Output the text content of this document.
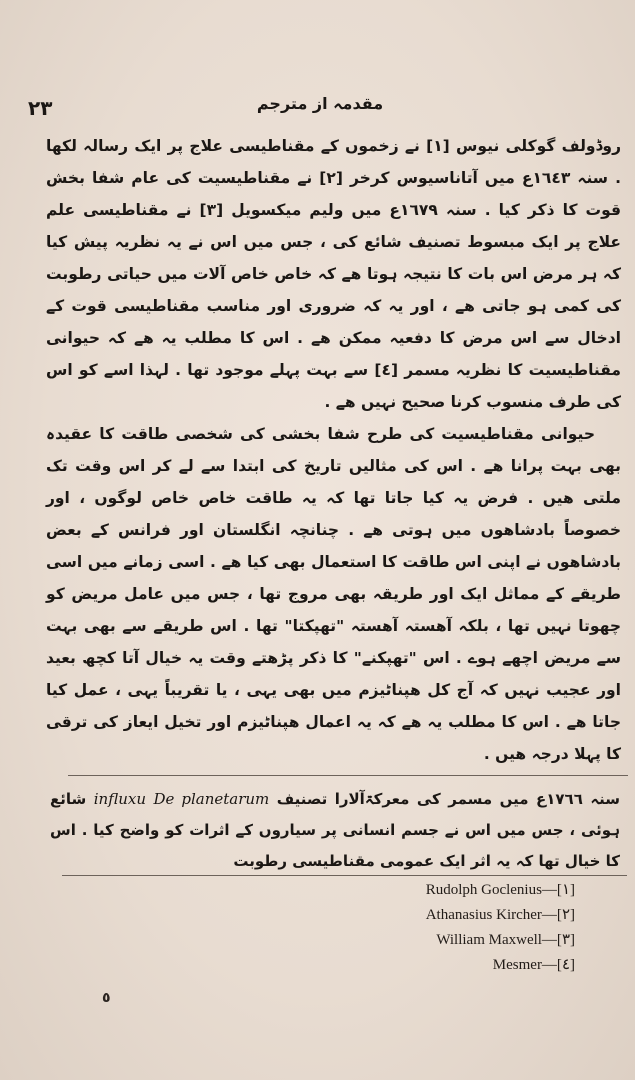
٢٣	مقدمہ از مترجم

روڈولف گوکلی نیوس [١] نے زخموں کے مقناطیسی علاج پر ایک رسالہ لکھا . سنہ ١٦٤٣ع میں آتاناسیوس کرخر [٢] نے مقناطیسیت کی عام شفا بخش قوت کا ذکر کیا . سنہ ١٦٧٩ع میں ولیم میکسویل [٣] نے مقناطیسی علم علاج پر ایک مبسوط تصنیف شائع کی ، جس میں اس نے یہ نظریہ پیش کیا کہ ہر مرض اس بات کا نتیجہ ہوتا ھے کہ خاص خاص آلات میں حیاتی رطوبت کی کمی ہو جاتی ھے ، اور یہ کہ ضروری اور مناسب مقناطیسی قوت کے ادخال سے اس مرض کا دفعیہ ممکن ھے . اس کا مطلب یہ ھے کہ حیوانی مقناطیسیت کا نظریہ مسمر [٤] سے بہت پہلے موجود تھا . لہذا اسے کو اس کی طرف منسوب کرنا صحیح نہیں ھے .

حیوانی مقناطیسیت کی طرح شفا بخشی کی شخصی طاقت کا عقیدہ بھی بہت پرانا ھے . اس کی مثالیں تاریخ کی ابتدا سے لے کر اس وقت تک ملتی ھیں . فرض یہ کیا جاتا تھا کہ یہ طاقت خاص خاص لوگوں ، اور خصوصاً بادشاھوں میں ہوتی ھے . چنانچہ انگلستان اور فرانس کے بعض بادشاھوں نے اپنی اس طاقت کا استعمال بھی کیا ھے . اسی زمانے میں اسی طریقے کے مماثل ایک اور طریقہ بھی مروج تھا ، جس میں عامل مریض کو چھوتا نہیں تھا ، بلکہ آھستہ آھستہ "تھپکتا" تھا . اس طریقے سے بھی بہت سے مریض اچھے ہوے . اس "تھپکنے" کا ذکر پڑھتے وقت یہ خیال آتا کچھ بعید اور عجیب نہیں کہ آج کل ھپناٹیزم میں بھی یہی ، یا تقریباً یہی ، عمل کیا جاتا ھے . اس کا مطلب یہ ھے کہ یہ اعمال ھپناٹیزم اور تخیل ایعاز کی ترقی کا پہلا درجہ ھیں .

سنہ ١٧٦٦ع میں مسمر کی معرکۃآلارا تصنیف De planetarum influxu شائع ہوئی ، جس میں اس نے جسم انسانی پر سیاروں کے اثرات کو واضح کیا . اس کا خیال تھا کہ یہ اثر ایک عمومی مقناطیسی رطوبت
Rudolph Goclenius—[١]
Athanasius Kircher—[٢]
William Maxwell—[٣]
Mesmer—[٤]
٥
